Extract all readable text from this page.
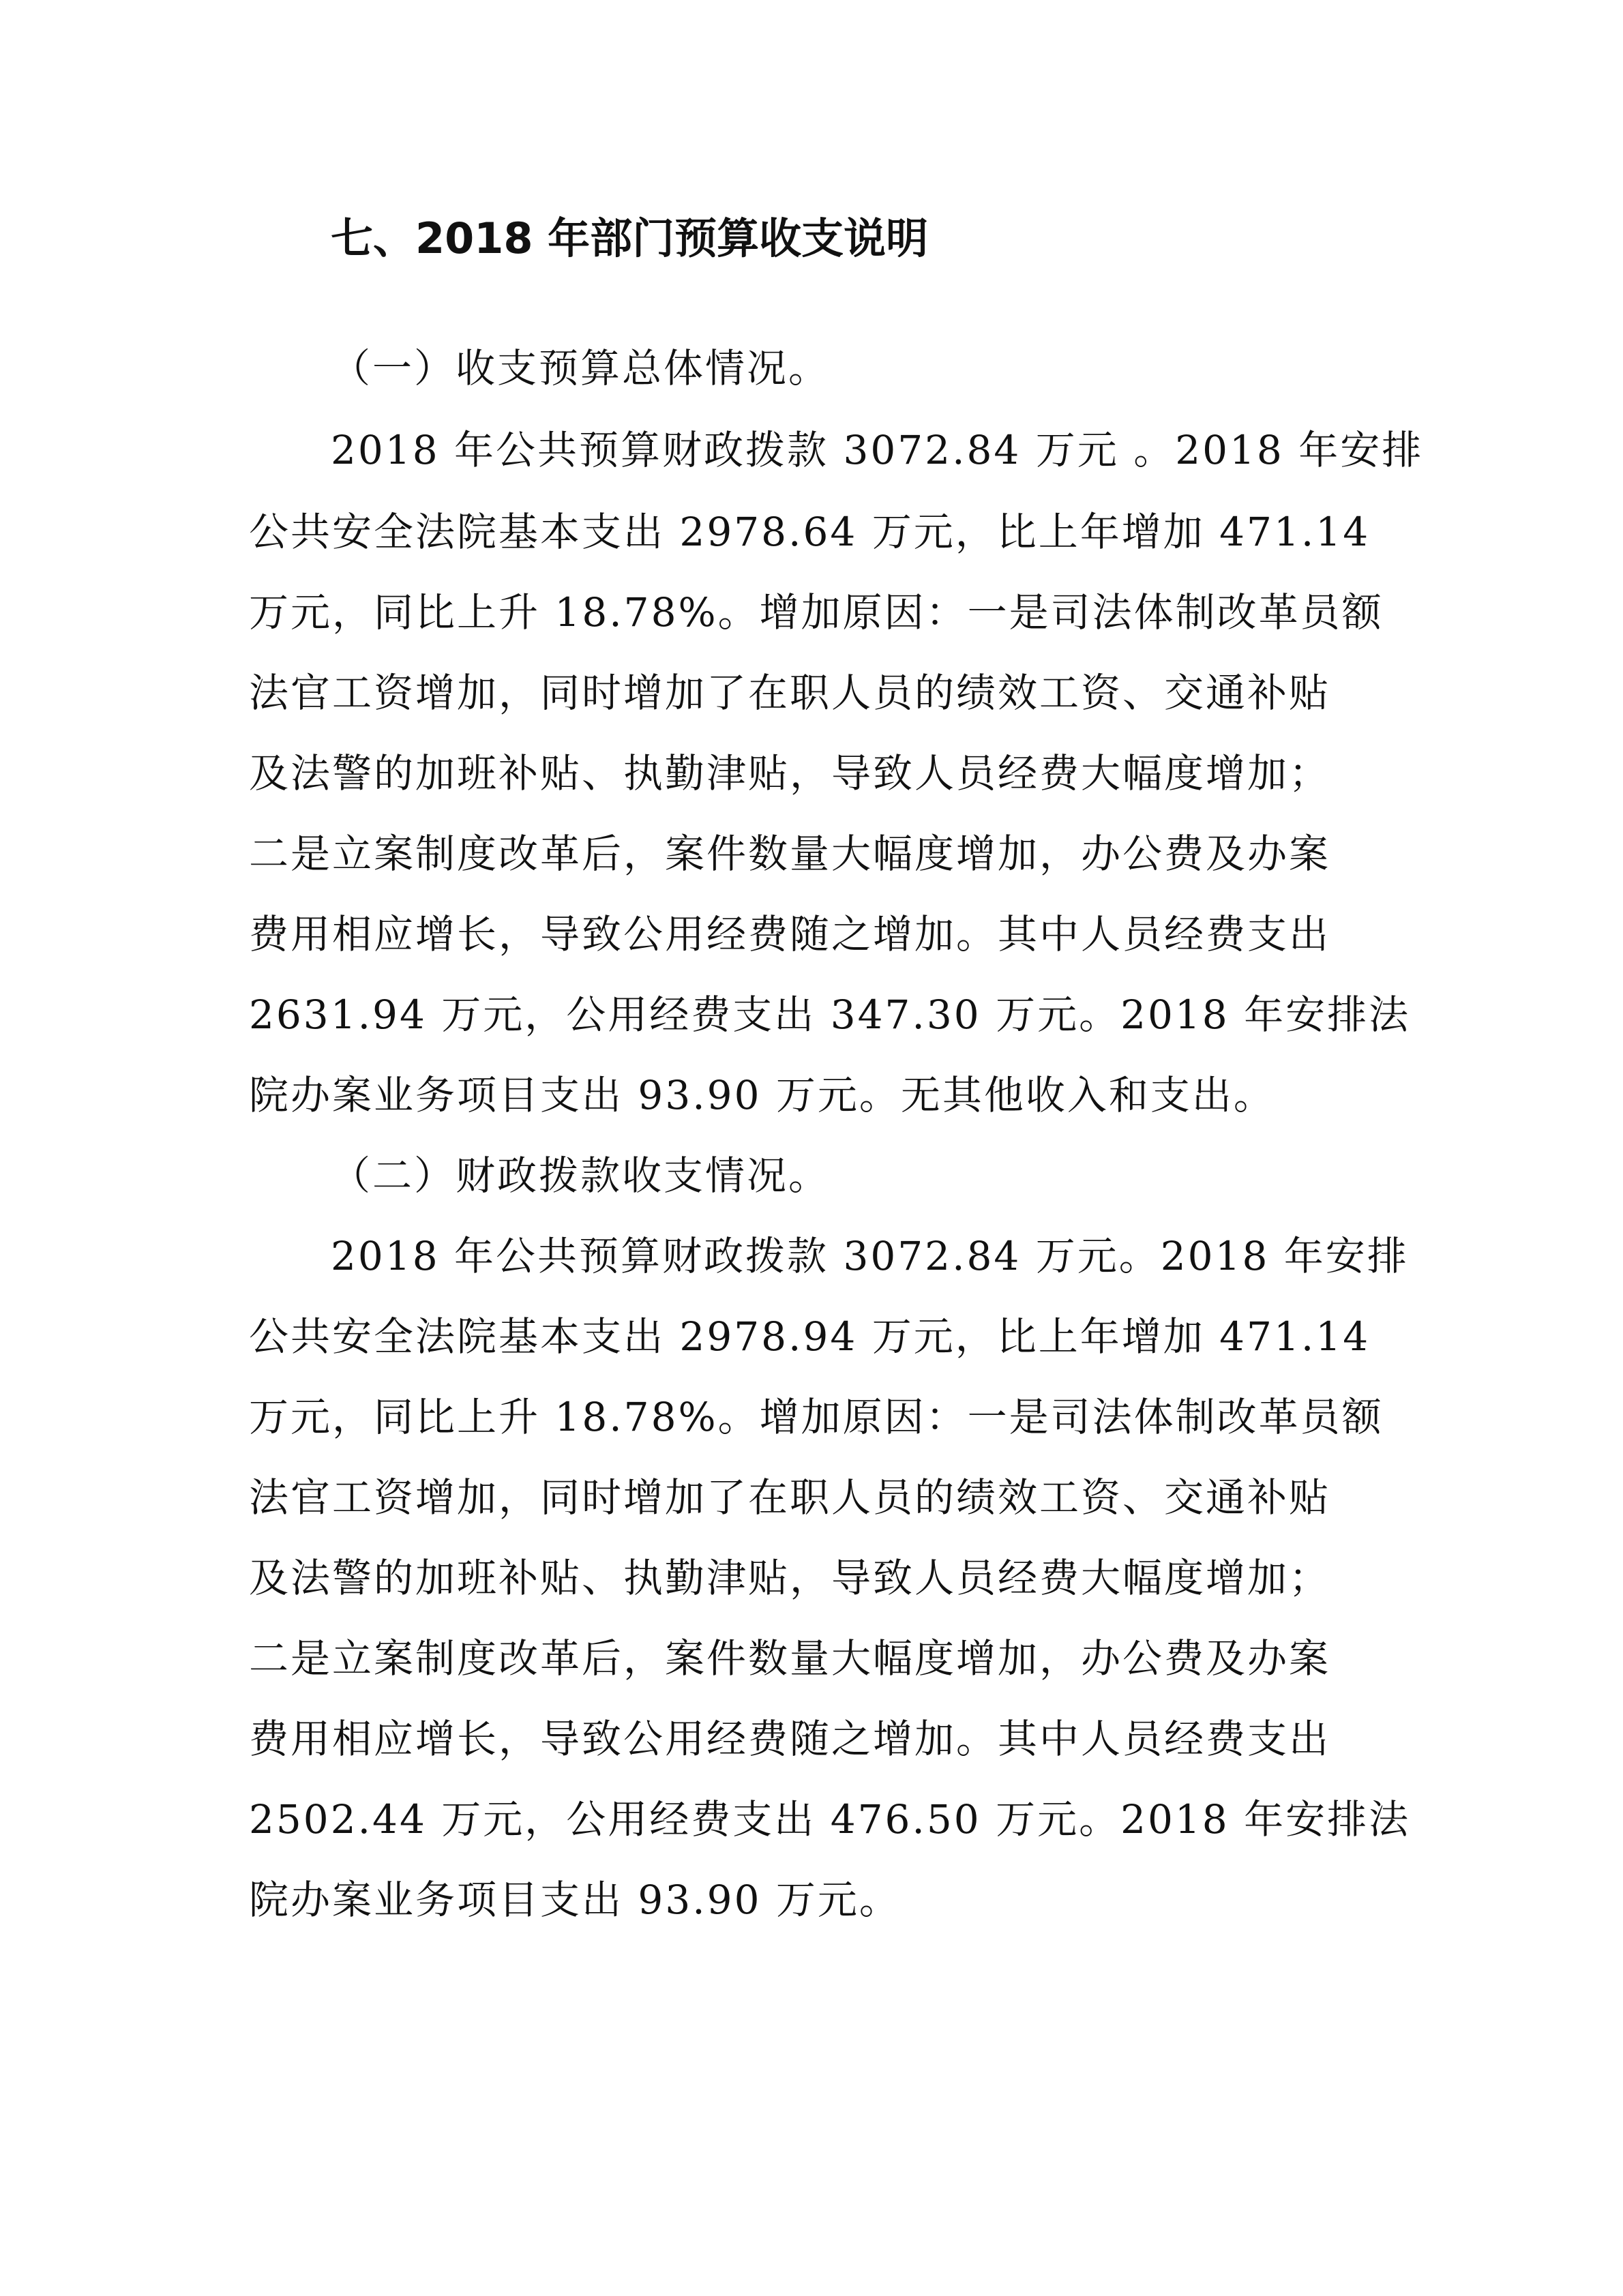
七、2018 年部门预算收支说明
（一）收支预算总体情况。
2018 年公共预算财政拨款 3072.84 万元 。2018 年安排
公共安全法院基本支出 2978.64 万元，比上年增加 471.14
万元，同比上升 18.78%。增加原因：一是司法体制改革员额
法官工资增加，同时增加了在职人员的绩效工资、交通补贴
及法警的加班补贴、执勤津贴，导致人员经费大幅度增加；
二是立案制度改革后，案件数量大幅度增加，办公费及办案
费用相应增长，导致公用经费随之增加。其中人员经费支出
2631.94 万元，公用经费支出 347.30 万元。2018 年安排法
院办案业务项目支出 93.90 万元。无其他收入和支出。
（二）财政拨款收支情况。
2018 年公共预算财政拨款 3072.84 万元。2018 年安排
公共安全法院基本支出 2978.94 万元，比上年增加 471.14
万元，同比上升 18.78%。增加原因：一是司法体制改革员额
法官工资增加，同时增加了在职人员的绩效工资、交通补贴
及法警的加班补贴、执勤津贴，导致人员经费大幅度增加；
二是立案制度改革后，案件数量大幅度增加，办公费及办案
费用相应增长，导致公用经费随之增加。其中人员经费支出
2502.44 万元，公用经费支出 476.50 万元。2018 年安排法
院办案业务项目支出 93.90 万元。
